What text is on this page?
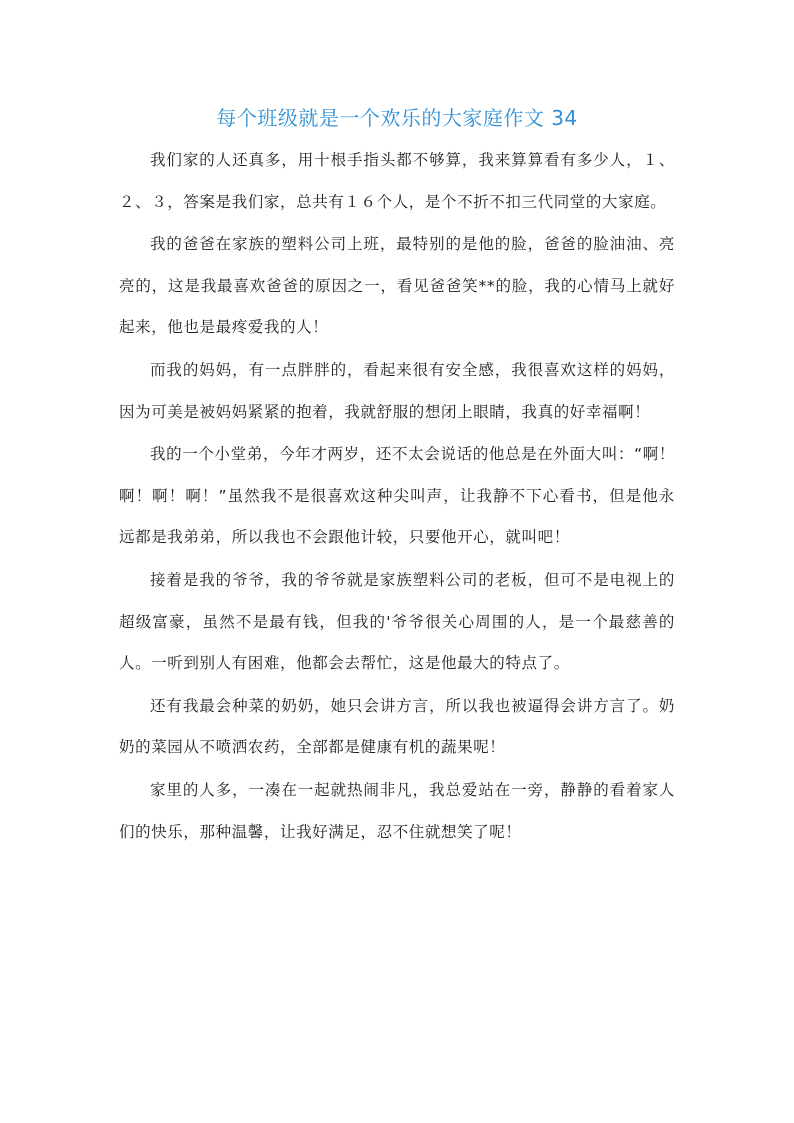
每个班级就是一个欢乐的大家庭作文 34

我们家的人还真多，用十根手指头都不够算，我来算算看有多少人，１、２、３，答案是我们家，总共有１６个人，是个不折不扣三代同堂的大家庭。

我的爸爸在家族的塑料公司上班，最特别的是他的脸，爸爸的脸油油、亮亮的，这是我最喜欢爸爸的原因之一，看见爸爸笑**的脸，我的心情马上就好起来，他也是最疼爱我的人！

而我的妈妈，有一点胖胖的，看起来很有安全感，我很喜欢这样的妈妈，因为可美是被妈妈紧紧的抱着，我就舒服的想闭上眼睛，我真的好幸福啊！

我的一个小堂弟，今年才两岁，还不太会说话的他总是在外面大叫：“啊！啊！啊！啊！”虽然我不是很喜欢这种尖叫声，让我静不下心看书，但是他永远都是我弟弟，所以我也不会跟他计较，只要他开心，就叫吧！

接着是我的爷爷，我的爷爷就是家族塑料公司的老板，但可不是电视上的超级富豪，虽然不是最有钱，但我的'爷爷很关心周围的人，是一个最慈善的人。一听到别人有困难，他都会去帮忙，这是他最大的特点了。

还有我最会种菜的奶奶，她只会讲方言，所以我也被逼得会讲方言了。奶奶的菜园从不喷洒农药，全部都是健康有机的蔬果呢！

家里的人多，一凑在一起就热闹非凡，我总爱站在一旁，静静的看着家人们的快乐，那种温馨，让我好满足，忍不住就想笑了呢！
